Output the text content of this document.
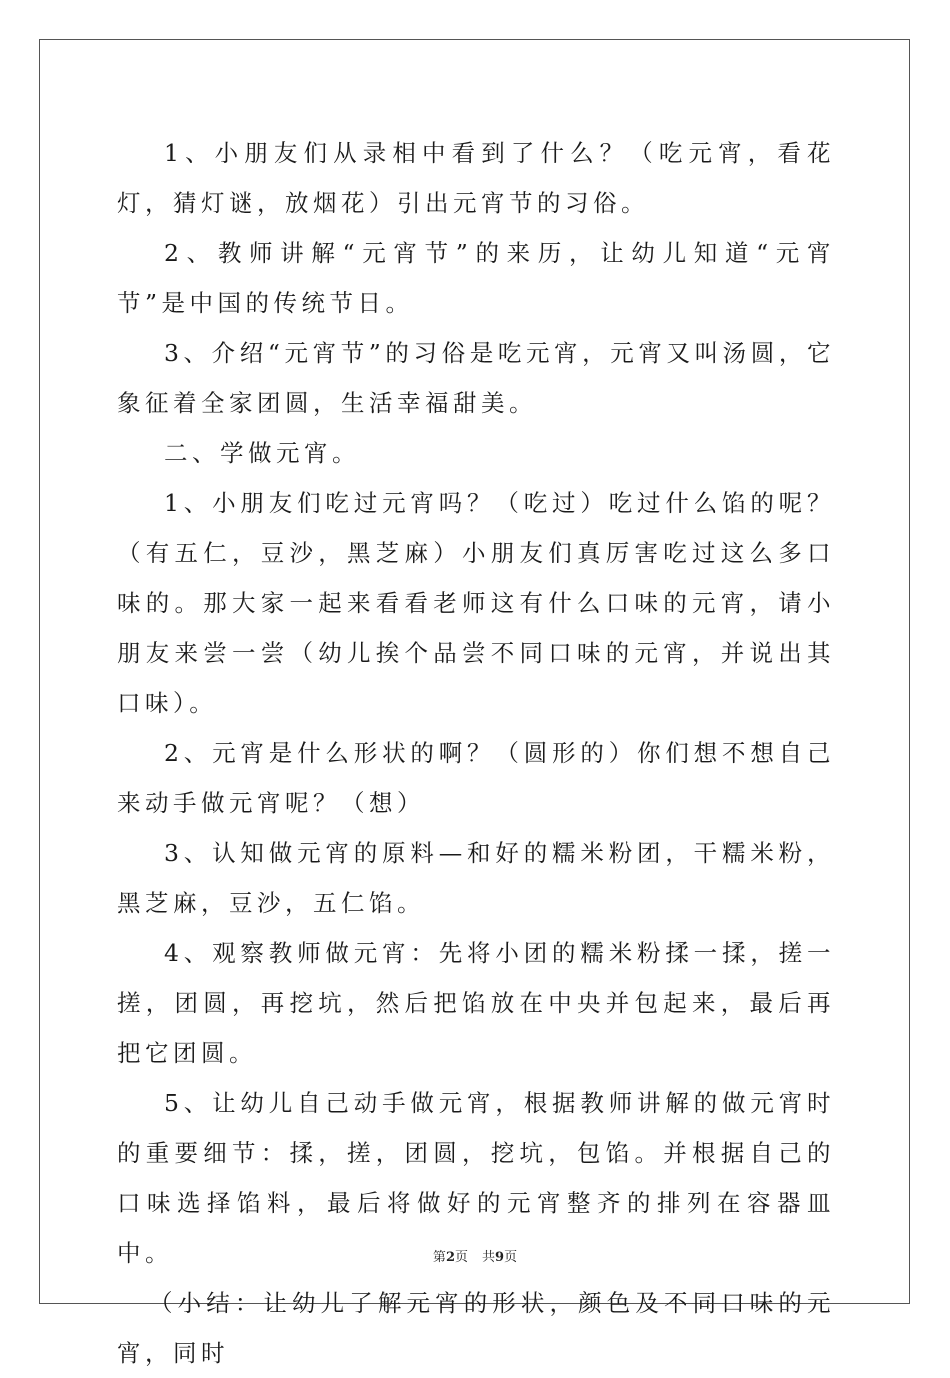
1、小朋友们从录相中看到了什么？（吃元宵，看花灯，猜灯谜，放烟花）引出元宵节的习俗。

2、教师讲解“元宵节”的来历，让幼儿知道“元宵节”是中国的传统节日。

3、介绍“元宵节”的习俗是吃元宵，元宵又叫汤圆，它象征着全家团圆，生活幸福甜美。

二、学做元宵。

1、小朋友们吃过元宵吗？（吃过）吃过什么馅的呢？（有五仁，豆沙，黑芝麻）小朋友们真厉害吃过这么多口味的。那大家一起来看看老师这有什么口味的元宵，请小朋友来尝一尝（幼儿挨个品尝不同口味的元宵，并说出其口味）。

2、元宵是什么形状的啊？（圆形的）你们想不想自己来动手做元宵呢？（想）

3、认知做元宵的原料—和好的糯米粉团，干糯米粉，黑芝麻，豆沙，五仁馅。

4、观察教师做元宵：先将小团的糯米粉揉一揉，搓一搓，团圆，再挖坑，然后把馅放在中央并包起来，最后再把它团圆。

5、让幼儿自己动手做元宵，根据教师讲解的做元宵时的重要细节：揉，搓，团圆，挖坑，包馅。并根据自己的口味选择馅料，最后将做好的元宵整齐的排列在容器皿中。

（小结：让幼儿了解元宵的形状，颜色及不同口味的元宵，同时

第2页 共9页
